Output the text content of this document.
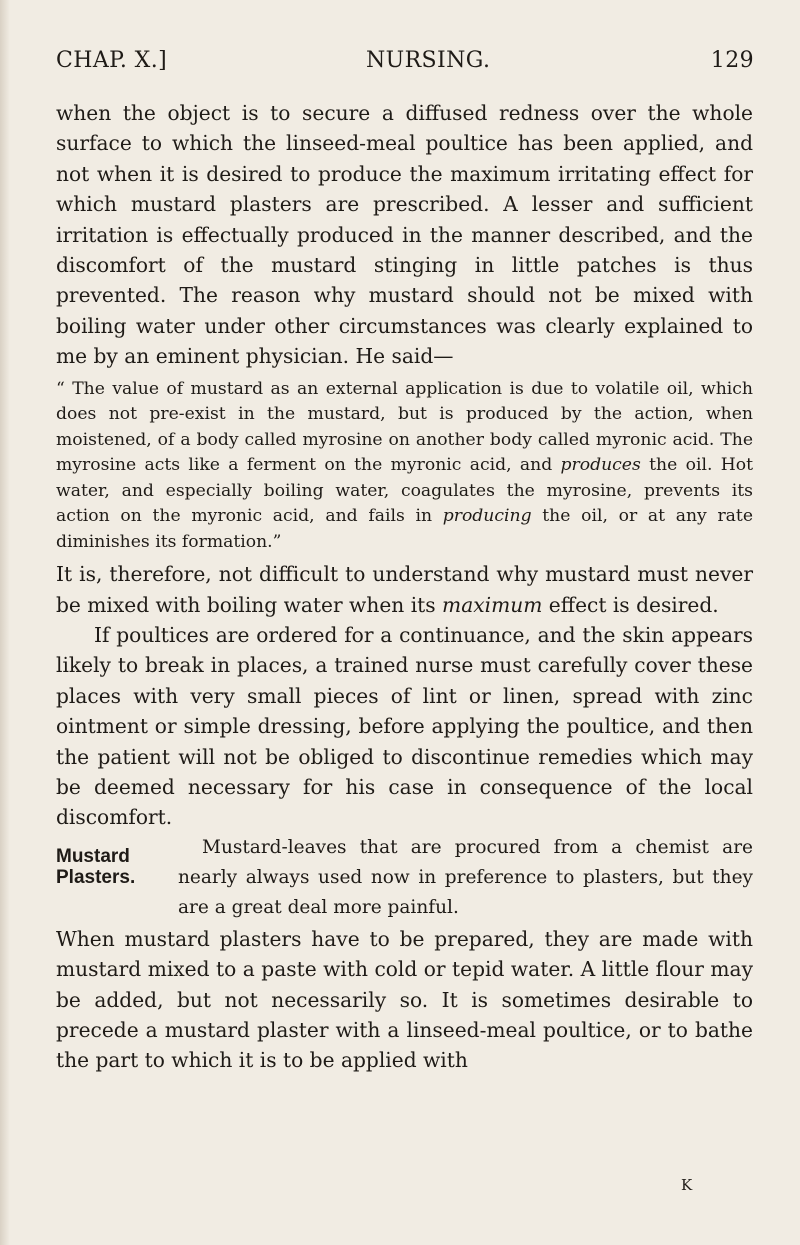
CHAP. X.]	NURSING.	129

when the object is to secure a diffused redness over the whole surface to which the linseed-meal poultice has been applied, and not when it is desired to produce the maximum irritating effect for which mustard plasters are prescribed. A lesser and sufficient irritation is effectually produced in the manner described, and the discomfort of the mustard stinging in little patches is thus prevented. The reason why mustard should not be mixed with boiling water under other circumstances was clearly explained to me by an eminent physician. He said—

“ The value of mustard as an external application is due to volatile oil, which does not pre-exist in the mustard, but is produced by the action, when moistened, of a body called myrosine on another body called myronic acid. The myrosine acts like a ferment on the myronic acid, and produces the oil. Hot water, and especially boiling water, coagulates the myrosine, prevents its action on the myronic acid, and fails in producing the oil, or at any rate diminishes its formation.”

It is, therefore, not difficult to understand why mustard must never be mixed with boiling water when its maximum effect is desired.

If poultices are ordered for a continuance, and the skin appears likely to break in places, a trained nurse must carefully cover these places with very small pieces of lint or linen, spread with zinc ointment or simple dressing, before applying the poultice, and then the patient will not be obliged to discontinue remedies which may be deemed necessary for his case in consequence of the local discomfort.

Mustard Plasters.
Mustard-leaves that are procured from a chemist are nearly always used now in preference to plasters, but they are a great deal more painful.

When mustard plasters have to be prepared, they are made with mustard mixed to a paste with cold or tepid water. A little flour may be added, but not necessarily so. It is sometimes desirable to precede a mustard plaster with a linseed-meal poultice, or to bathe the part to which it is to be applied with

K
